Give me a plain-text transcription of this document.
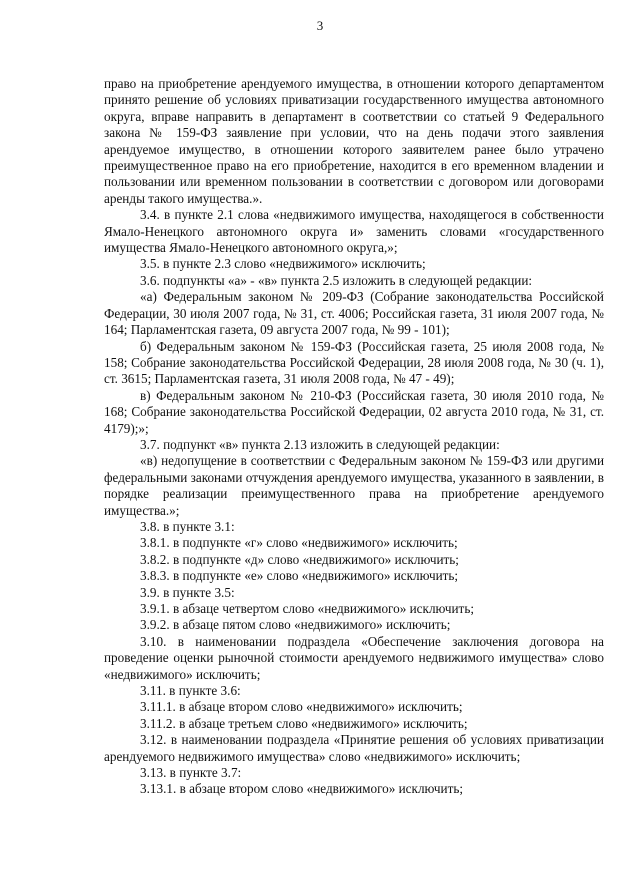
3

право на приобретение арендуемого имущества, в отношении которого департаментом принято решение об условиях приватизации государственного имущества автономного округа, вправе направить в департамент в соответствии со статьей 9 Федерального закона № 159-ФЗ заявление при условии, что на день подачи этого заявления арендуемое имущество, в отношении которого заявителем ранее было утрачено преимущественное право на его приобретение, находится в его временном владении и пользовании или временном пользовании в соответствии с договором или договорами аренды такого имущества.».

3.4. в пункте 2.1 слова «недвижимого имущества, находящегося в собственности Ямало-Ненецкого автономного округа и» заменить словами «государственного имущества Ямало-Ненецкого автономного округа,»;

3.5. в пункте 2.3 слово «недвижимого» исключить;

3.6. подпункты «а» - «в» пункта 2.5 изложить в следующей редакции:

«а) Федеральным законом № 209-ФЗ (Собрание законодательства Российской Федерации, 30 июля 2007 года, № 31, ст. 4006; Российская газета, 31 июля 2007 года, № 164; Парламентская газета, 09 августа 2007 года, № 99 - 101);

б) Федеральным законом № 159-ФЗ (Российская газета, 25 июля 2008 года, № 158; Собрание законодательства Российской Федерации, 28 июля 2008 года, № 30 (ч. 1), ст. 3615; Парламентская газета, 31 июля 2008 года, № 47 - 49);

в) Федеральным законом № 210-ФЗ (Российская газета, 30 июля 2010 года, № 168; Собрание законодательства Российской Федерации, 02 августа 2010 года, № 31, ст. 4179);»;

3.7. подпункт «в» пункта 2.13 изложить в следующей редакции:

«в) недопущение в соответствии с Федеральным законом № 159-ФЗ или другими федеральными законами отчуждения арендуемого имущества, указанного в заявлении, в порядке реализации преимущественного права на приобретение арендуемого имущества.»;

3.8. в пункте 3.1:

3.8.1. в подпункте «г» слово «недвижимого» исключить;

3.8.2. в подпункте «д» слово «недвижимого» исключить;

3.8.3. в подпункте «е» слово «недвижимого» исключить;

3.9. в пункте 3.5:

3.9.1. в абзаце четвертом слово «недвижимого» исключить;

3.9.2. в абзаце пятом слово «недвижимого» исключить;

3.10. в наименовании подраздела «Обеспечение заключения договора на проведение оценки рыночной стоимости арендуемого недвижимого имущества» слово «недвижимого» исключить;

3.11. в пункте 3.6:

3.11.1. в абзаце втором слово «недвижимого» исключить;

3.11.2. в абзаце третьем слово «недвижимого» исключить;

3.12. в наименовании подраздела «Принятие решения об условиях приватизации арендуемого недвижимого имущества» слово «недвижимого» исключить;

3.13. в пункте 3.7:

3.13.1. в абзаце втором слово «недвижимого» исключить;
